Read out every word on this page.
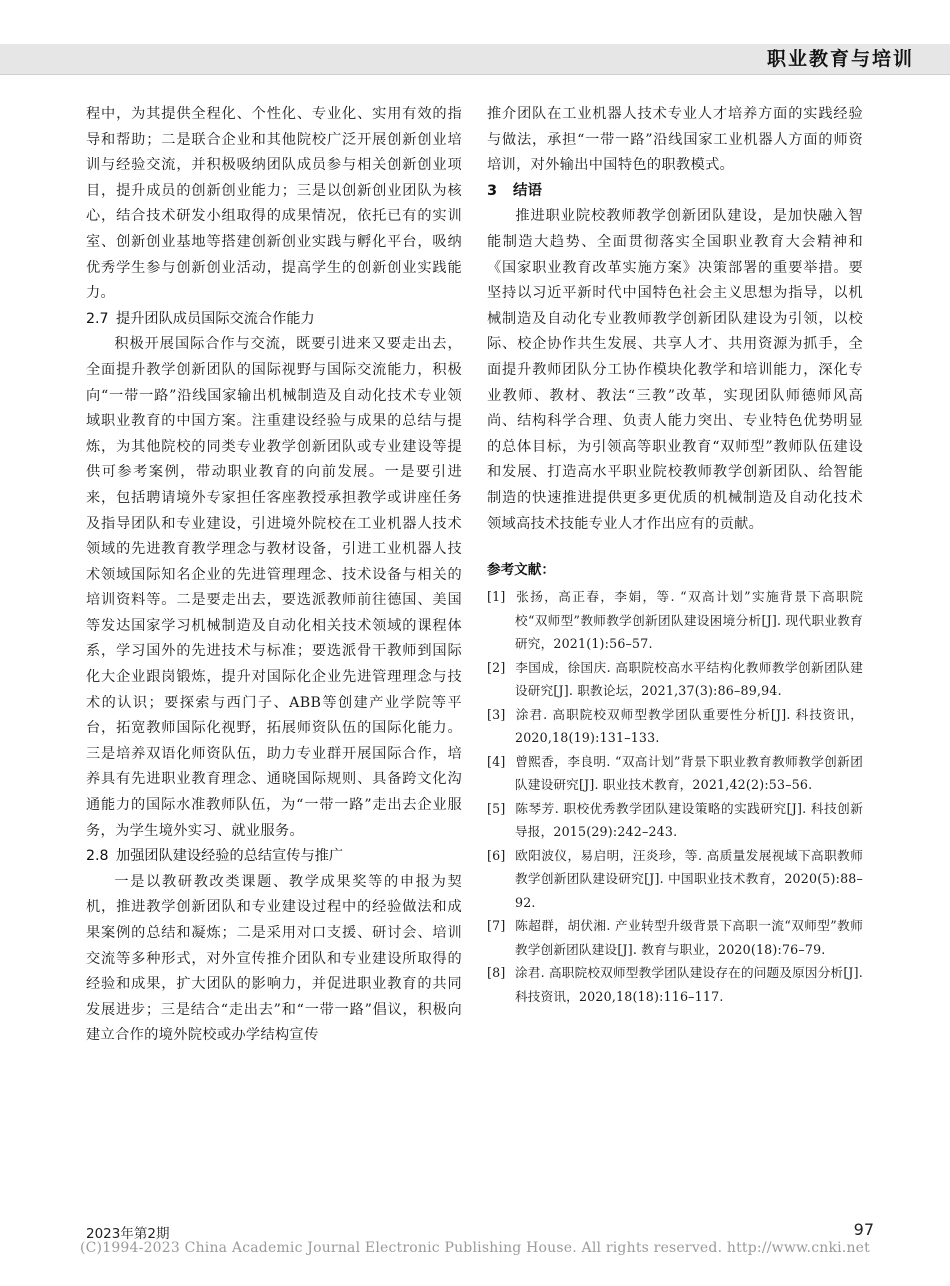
职业教育与培训

程中，为其提供全程化、个性化、专业化、实用有效的指导和帮助；二是联合企业和其他院校广泛开展创新创业培训与经验交流，并积极吸纳团队成员参与相关创新创业项目，提升成员的创新创业能力；三是以创新创业团队为核心，结合技术研发小组取得的成果情况，依托已有的实训室、创新创业基地等搭建创新创业实践与孵化平台，吸纳优秀学生参与创新创业活动，提高学生的创新创业实践能力。

2.7 提升团队成员国际交流合作能力

积极开展国际合作与交流，既要引进来又要走出去，全面提升教学创新团队的国际视野与国际交流能力，积极向“一带一路”沿线国家输出机械制造及自动化技术专业领域职业教育的中国方案。注重建设经验与成果的总结与提炼，为其他院校的同类专业教学创新团队或专业建设等提供可参考案例，带动职业教育的向前发展。一是要引进来，包括聘请境外专家担任客座教授承担教学或讲座任务及指导团队和专业建设，引进境外院校在工业机器人技术领域的先进教育教学理念与教材设备，引进工业机器人技术领域国际知名企业的先进管理理念、技术设备与相关的培训资料等。二是要走出去，要选派教师前往德国、美国等发达国家学习机械制造及自动化相关技术领域的课程体系，学习国外的先进技术与标准；要选派骨干教师到国际化大企业跟岗锻炼，提升对国际化企业先进管理理念与技术的认识；要探索与西门子、ABB等创建产业学院等平台，拓宽教师国际化视野，拓展师资队伍的国际化能力。三是培养双语化师资队伍，助力专业群开展国际合作，培养具有先进职业教育理念、通晓国际规则、具备跨文化沟通能力的国际水准教师队伍，为“一带一路”走出去企业服务，为学生境外实习、就业服务。

2.8 加强团队建设经验的总结宣传与推广

一是以教研教改类课题、教学成果奖等的申报为契机，推进教学创新团队和专业建设过程中的经验做法和成果案例的总结和凝炼；二是采用对口支援、研讨会、培训交流等多种形式，对外宣传推介团队和专业建设所取得的经验和成果，扩大团队的影响力，并促进职业教育的共同发展进步；三是结合“走出去”和“一带一路”倡议，积极向建立合作的境外院校或办学结构宣传

推介团队在工业机器人技术专业人才培养方面的实践经验与做法，承担“一带一路”沿线国家工业机器人方面的师资培训，对外输出中国特色的职教模式。

3 结语

推进职业院校教师教学创新团队建设，是加快融入智能制造大趋势、全面贯彻落实全国职业教育大会精神和《国家职业教育改革实施方案》决策部署的重要举措。要坚持以习近平新时代中国特色社会主义思想为指导，以机械制造及自动化专业教师教学创新团队建设为引领，以校际、校企协作共生发展、共享人才、共用资源为抓手，全面提升教师团队分工协作模块化教学和培训能力，深化专业教师、教材、教法“三教”改革，实现团队师德师风高尚、结构科学合理、负责人能力突出、专业特色优势明显的总体目标，为引领高等职业教育“双师型”教师队伍建设和发展、打造高水平职业院校教师教学创新团队、给智能制造的快速推进提供更多更优质的机械制造及自动化技术领域高技术技能专业人才作出应有的贡献。

参考文献：

[1] 张扬，高正春，李娟，等. “双高计划”实施背景下高职院校“双师型”教师教学创新团队建设困境分析[J]. 现代职业教育研究，2021(1):56–57.

[2] 李国成，徐国庆. 高职院校高水平结构化教师教学创新团队建设研究[J]. 职教论坛，2021,37(3):86–89,94.

[3] 涂君. 高职院校双师型教学团队重要性分析[J]. 科技资讯，2020,18(19):131–133.

[4] 曾熙香，李良明. “双高计划”背景下职业教育教师教学创新团队建设研究[J]. 职业技术教育，2021,42(2):53–56.

[5] 陈琴芳. 职校优秀教学团队建设策略的实践研究[J]. 科技创新导报，2015(29):242–243.

[6] 欧阳波仪，易启明，汪炎珍，等. 高质量发展视域下高职教师教学创新团队建设研究[J]. 中国职业技术教育，2020(5):88–92.

[7] 陈超群，胡伏湘. 产业转型升级背景下高职一流“双师型”教师教学创新团队建设[J]. 教育与职业，2020(18):76–79.

[8] 涂君. 高职院校双师型教学团队建设存在的问题及原因分析[J]. 科技资讯，2020,18(18):116–117.

2023年第2期	97
(C)1994-2023 China Academic Journal Electronic Publishing House. All rights reserved. http://www.cnki.net
